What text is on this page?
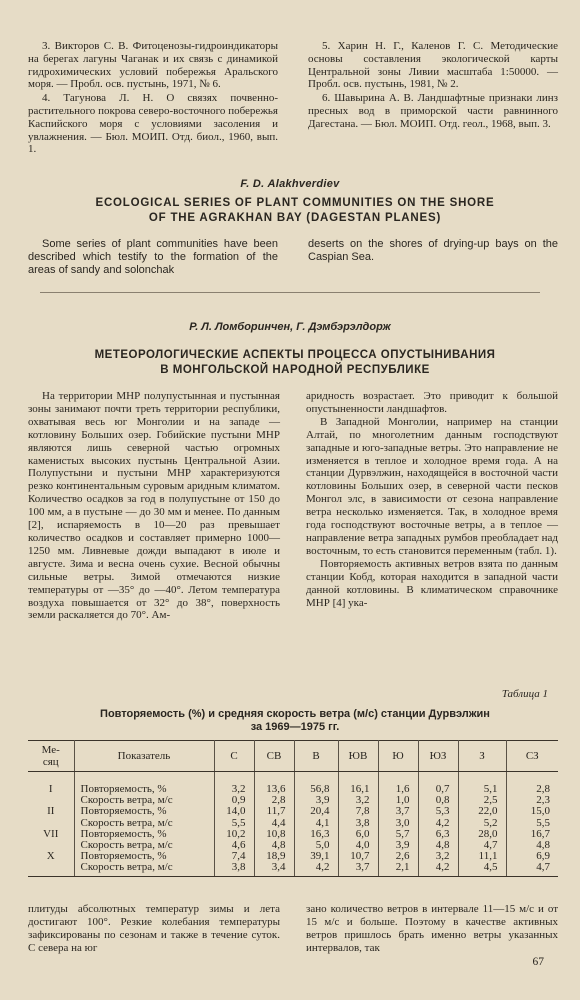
3. Викторов С. В. Фитоценозы-гидроиндикаторы на берегах лагуны Чаганак и их связь с динамикой гидрохимических условий побережья Аральского моря. — Пробл. осв. пустынь, 1971, № 6.

4. Тагунова Л. Н. О связях почвенно-растительного покрова северо-восточного побережья Каспийского моря с условиями засоления и увлажнения. — Бюл. МОИП. Отд. биол., 1960, вып. 1.

5. Харин Н. Г., Каленов Г. С. Методические основы составления экологической карты Центральной зоны Ливии масштаба 1:50000. — Пробл. осв. пустынь, 1981, № 2.

6. Шавырина А. В. Ландшафтные признаки линз пресных вод в приморской части равнинного Дагестана. — Бюл. МОИП. Отд. геол., 1968, вып. 3.

F. D. Alakhverdiev
ECOLOGICAL SERIES OF PLANT COMMUNITIES ON THE SHORE
OF THE AGRAKHAN BAY (DAGESTAN PLANES)

Some series of plant communities have been described which testify to the formation of the areas of sandy and solonchak

deserts on the shores of drying-up bays on the Caspian Sea.

Р. Л. Ломборинчен, Г. Дэмбэрэлдорж
МЕТЕОРОЛОГИЧЕСКИЕ АСПЕКТЫ ПРОЦЕССА ОПУСТЫНИВАНИЯ
В МОНГОЛЬСКОЙ НАРОДНОЙ РЕСПУБЛИКЕ

На территории МНР полупустынная и пустынная зоны занимают почти треть территории республики, охватывая весь юг Монголии и на западе — котловину Больших озер. Гобийские пустыни МНР являются лишь северной частью огромных каменистых высоких пустынь Центральной Азии. Полупустыни и пустыни МНР характеризуются резко континентальным суровым аридным климатом. Количество осадков за год в полупустыне от 150 до 100 мм, а в пустыне — до 30 мм и менее. По данным [2], испаряемость в 10—20 раз превышает количество осадков и составляет примерно 1000—1250 мм. Ливневые дожди выпадают в июле и августе. Зима и весна очень сухие. Весной обычны сильные ветры. Зимой отмечаются низкие температуры от —35° до —40°. Летом температура воздуха повышается от 32° до 38°, поверхность земли раскаляется до 70°. Ам-

аридность возрастает. Это приводит к большой опустыненности ландшафтов.

В Западной Монголии, например на станции Алтай, по многолетним данным господствуют западные и юго-западные ветры. Это направление не изменяется в теплое и холодное время года. А на станции Дурвэлжин, находящейся в восточной части котловины Больших озер, в северной части песков Монгол элс, в зависимости от сезона направление ветра несколько изменяется. Так, в холодное время года господствуют восточные ветры, а в теплое — направление ветра западных румбов преобладает над восточным, то есть становится переменным (табл. 1).

Повторяемость активных ветров взята по данным станции Кобд, которая находится в западной части данной котловины. В климатическом справочнике МНР [4] ука-

Таблица 1
Повторяемость (%) и средняя скорость ветра (м/с) станции Дурвэлжин
за 1969—1975 гг.
Ме-
сяц	Показатель	С	СВ	В	ЮВ	Ю	ЮЗ	З	СЗ
I	Повторяемость, %	3,2	13,6	56,8	16,1	1,6	0,7	5,1	2,8
	Скорость ветра, м/с	0,9	2,8	3,9	3,2	1,0	0,8	2,5	2,3
II	Повторяемость, %	14,0	11,7	20,4	7,8	3,7	5,3	22,0	15,0
	Скорость ветра, м/с	5,5	4,4	4,1	3,8	3,0	4,2	5,2	5,5
VII	Повторяемость, %	10,2	10,8	16,3	6,0	5,7	6,3	28,0	16,7
	Скорость ветра, м/с	4,6	4,8	5,0	4,0	3,9	4,8	4,7	4,8
X	Повторяемость, %	7,4	18,9	39,1	10,7	2,6	3,2	11,1	6,9
	Скорость ветра, м/с	3,8	3,4	4,2	3,7	2,1	4,2	4,5	4,7
плитуды абсолютных температур зимы и лета достигают 100°. Резкие колебания температуры зафиксированы по сезонам и также в течение суток. С севера на юг
зано количество ветров в интервале 11—15 м/с и от 15 м/с и больше. Поэтому в качестве активных ветров пришлось брать именно ветры указанных интервалов, так
67
